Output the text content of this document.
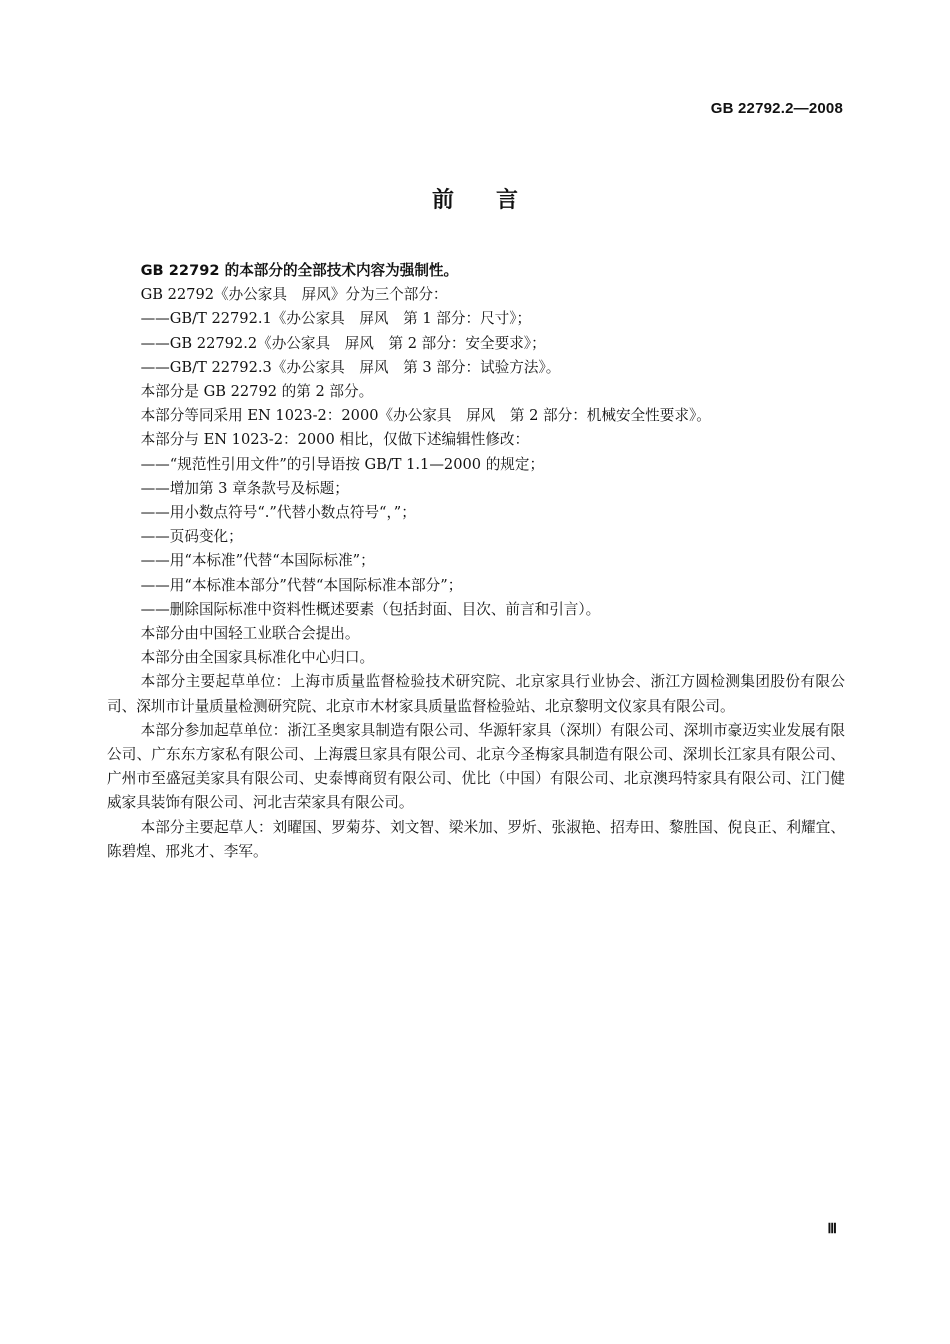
GB 22792.2—2008
前言

GB 22792 的本部分的全部技术内容为强制性。

GB 22792《办公家具　屏风》分为三个部分：

——GB/T 22792.1《办公家具　屏风　第 1 部分：尺寸》；

——GB 22792.2《办公家具　屏风　第 2 部分：安全要求》；

——GB/T 22792.3《办公家具　屏风　第 3 部分：试验方法》。

本部分是 GB 22792 的第 2 部分。

本部分等同采用 EN 1023-2：2000《办公家具　屏风　第 2 部分：机械安全性要求》。

本部分与 EN 1023-2：2000 相比，仅做下述编辑性修改：

——“规范性引用文件”的引导语按 GB/T 1.1—2000 的规定；

——增加第 3 章条款号及标题；

——用小数点符号“.”代替小数点符号“，”；

——页码变化；

——用“本标准”代替“本国际标准”；

——用“本标准本部分”代替“本国际标准本部分”；

——删除国际标准中资料性概述要素（包括封面、目次、前言和引言）。

本部分由中国轻工业联合会提出。

本部分由全国家具标准化中心归口。

本部分主要起草单位：上海市质量监督检验技术研究院、北京家具行业协会、浙江方圆检测集团股份有限公司、深圳市计量质量检测研究院、北京市木材家具质量监督检验站、北京黎明文仪家具有限公司。

本部分参加起草单位：浙江圣奥家具制造有限公司、华源轩家具（深圳）有限公司、深圳市豪迈实业发展有限公司、广东东方家私有限公司、上海震旦家具有限公司、北京今圣梅家具制造有限公司、深圳长江家具有限公司、广州市至盛冠美家具有限公司、史泰博商贸有限公司、优比（中国）有限公司、北京澳玛特家具有限公司、江门健威家具装饰有限公司、河北吉荣家具有限公司。

本部分主要起草人：刘曜国、罗菊芬、刘文智、梁米加、罗炘、张淑艳、招寿田、黎胜国、倪良正、利耀宜、陈碧煌、邢兆才、李军。

Ⅲ
